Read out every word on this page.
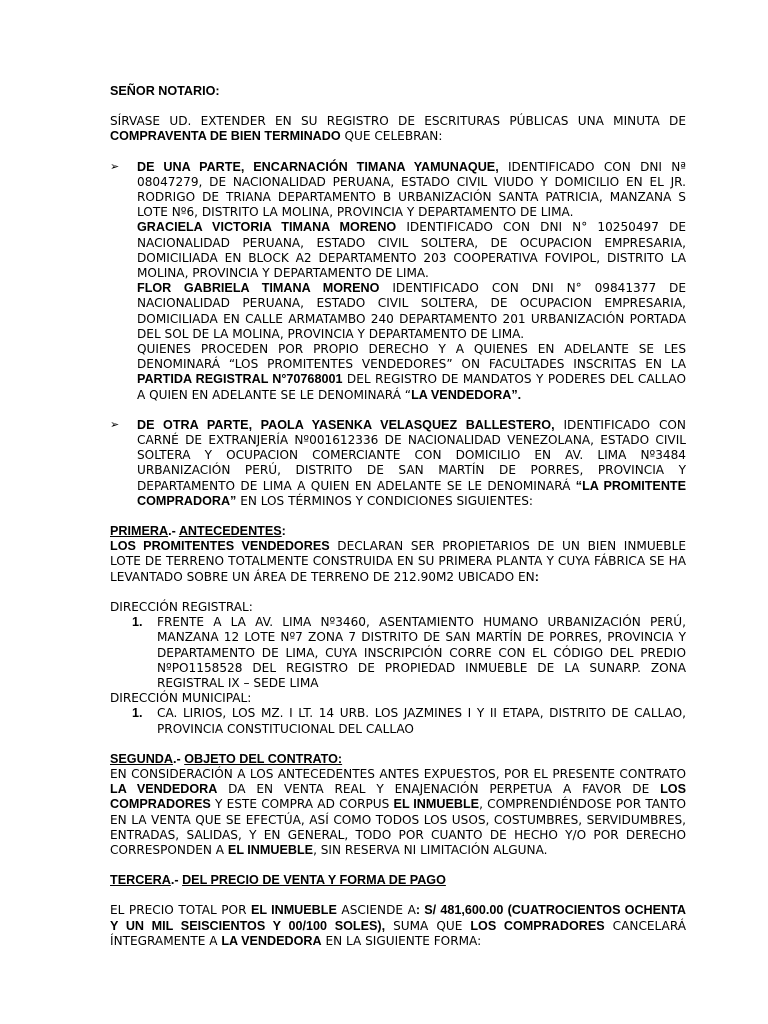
SEÑOR NOTARIO:

SÍRVASE UD. EXTENDER EN SU REGISTRO DE ESCRITURAS PÚBLICAS UNA MINUTA DE COMPRAVENTA DE BIEN TERMINADO QUE CELEBRAN:

➢ DE UNA PARTE, ENCARNACIÓN TIMANA YAMUNAQUE, IDENTIFICADO CON DNI Nª 08047279, DE NACIONALIDAD PERUANA, ESTADO CIVIL VIUDO Y DOMICILIO EN EL JR. RODRIGO DE TRIANA DEPARTAMENTO B URBANIZACIÓN SANTA PATRICIA, MANZANA S LOTE Nº6, DISTRITO LA MOLINA, PROVINCIA Y DEPARTAMENTO DE LIMA.

GRACIELA VICTORIA TIMANA MORENO IDENTIFICADO CON DNI N° 10250497 DE NACIONALIDAD PERUANA, ESTADO CIVIL SOLTERA, DE OCUPACION EMPRESARIA, DOMICILIADA EN BLOCK A2 DEPARTAMENTO 203 COOPERATIVA FOVIPOL, DISTRITO LA MOLINA, PROVINCIA Y DEPARTAMENTO DE LIMA.

FLOR GABRIELA TIMANA MORENO IDENTIFICADO CON DNI N° 09841377 DE NACIONALIDAD PERUANA, ESTADO CIVIL SOLTERA, DE OCUPACION EMPRESARIA, DOMICILIADA EN CALLE ARMATAMBO 240 DEPARTAMENTO 201 URBANIZACIÓN PORTADA DEL SOL DE LA MOLINA, PROVINCIA Y DEPARTAMENTO DE LIMA.

QUIENES PROCEDEN POR PROPIO DERECHO Y A QUIENES EN ADELANTE SE LES DENOMINARÁ “LOS PROMITENTES VENDEDORES” ON FACULTADES INSCRITAS EN LA PARTIDA REGISTRAL N°70768001 DEL REGISTRO DE MANDATOS Y PODERES DEL CALLAO A QUIEN EN ADELANTE SE LE DENOMINARÁ “LA VENDEDORA”.

➢ DE OTRA PARTE, PAOLA YASENKA VELASQUEZ BALLESTERO, IDENTIFICADO CON CARNÉ DE EXTRANJERÍA Nº001612336 DE NACIONALIDAD VENEZOLANA, ESTADO CIVIL SOLTERA Y OCUPACION COMERCIANTE CON DOMICILIO EN AV. LIMA Nº3484 URBANIZACIÓN PERÚ, DISTRITO DE SAN MARTÍN DE PORRES, PROVINCIA Y DEPARTAMENTO DE LIMA A QUIEN EN ADELANTE SE LE DENOMINARÁ “LA PROMITENTE COMPRADORA” EN LOS TÉRMINOS Y CONDICIONES SIGUIENTES:

PRIMERA.- ANTECEDENTES:

LOS PROMITENTES VENDEDORES DECLARAN SER PROPIETARIOS DE UN BIEN INMUEBLE LOTE DE TERRENO TOTALMENTE CONSTRUIDA EN SU PRIMERA PLANTA Y CUYA FÁBRICA SE HA LEVANTADO SOBRE UN ÁREA DE TERRENO DE 212.90M2 UBICADO EN:

DIRECCIÓN REGISTRAL:

1. FRENTE A LA AV. LIMA Nº3460, ASENTAMIENTO HUMANO URBANIZACIÓN PERÚ, MANZANA 12 LOTE Nº7 ZONA 7 DISTRITO DE SAN MARTÍN DE PORRES, PROVINCIA Y DEPARTAMENTO DE LIMA, CUYA INSCRIPCIÓN CORRE CON EL CÓDIGO DEL PREDIO NºPO1158528 DEL REGISTRO DE PROPIEDAD INMUEBLE DE LA SUNARP. ZONA REGISTRAL IX – SEDE LIMA

DIRECCIÓN MUNICIPAL:

1. CA. LIRIOS, LOS MZ. I LT. 14 URB. LOS JAZMINES I Y II ETAPA, DISTRITO DE CALLAO, PROVINCIA CONSTITUCIONAL DEL CALLAO

SEGUNDA.- OBJETO DEL CONTRATO:

EN CONSIDERACIÓN A LOS ANTECEDENTES ANTES EXPUESTOS, POR EL PRESENTE CONTRATO LA VENDEDORA DA EN VENTA REAL Y ENAJENACIÓN PERPETUA A FAVOR DE LOS COMPRADORES Y ESTE COMPRA AD CORPUS EL INMUEBLE, COMPRENDIÉNDOSE POR TANTO EN LA VENTA QUE SE EFECTÚA, ASÍ COMO TODOS LOS USOS, COSTUMBRES, SERVIDUMBRES, ENTRADAS, SALIDAS, Y EN GENERAL, TODO POR CUANTO DE HECHO Y/O POR DERECHO CORRESPONDEN A EL INMUEBLE, SIN RESERVA NI LIMITACIÓN ALGUNA.

TERCERA.- DEL PRECIO DE VENTA Y FORMA DE PAGO

EL PRECIO TOTAL POR EL INMUEBLE ASCIENDE A: S/ 481,600.00 (CUATROCIENTOS OCHENTA Y UN MIL SEISCIENTOS Y 00/100 SOLES), SUMA QUE LOS COMPRADORES CANCELARÁ ÍNTEGRAMENTE A LA VENDEDORA EN LA SIGUIENTE FORMA:
